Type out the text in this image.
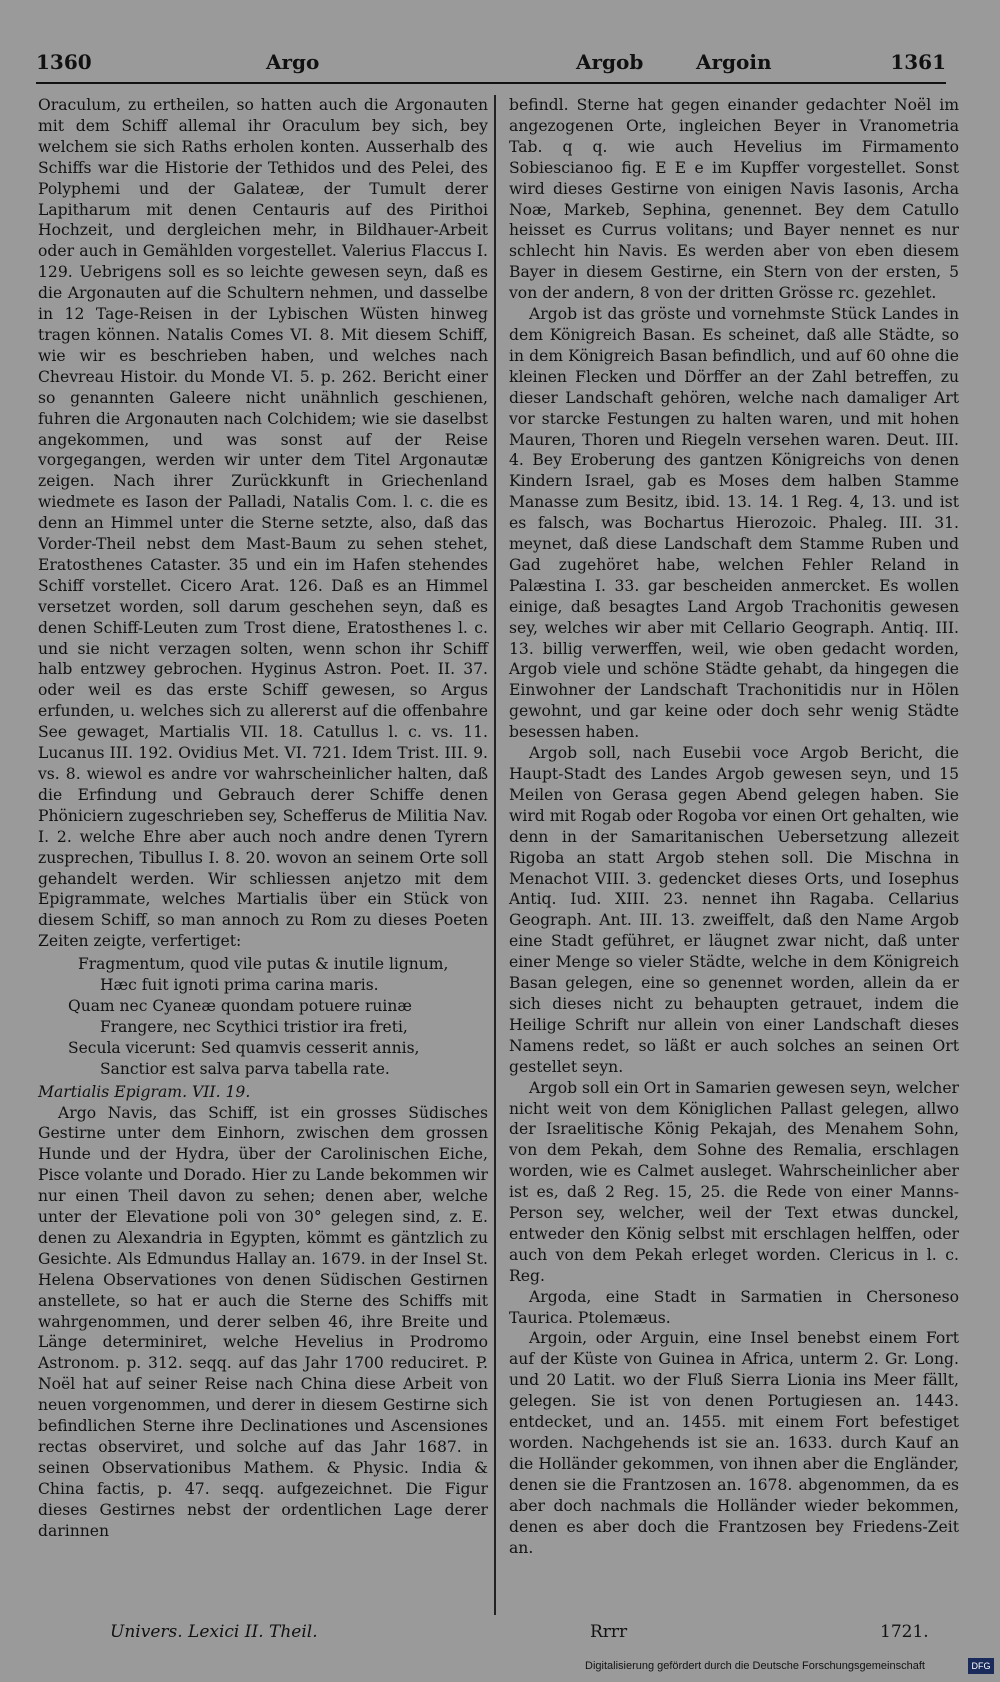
1360	Argo	Argob	Argoin	1361

Oraculum, zu ertheilen, so hatten auch die Argonauten mit dem Schiff allemal ihr Oraculum bey sich, bey welchem sie sich Raths erholen konten. Ausserhalb des Schiffs war die Historie der Tethidos und des Pelei, des Polyphemi und der Galateæ, der Tumult derer Lapitharum mit denen Centauris auf des Pirithoi Hochzeit, und dergleichen mehr, in Bildhauer-Arbeit oder auch in Gemählden vorgestellet. Valerius Flaccus I. 129. Uebrigens soll es so leichte gewesen seyn, daß es die Argonauten auf die Schultern nehmen, und dasselbe in 12 Tage-Reisen in der Lybischen Wüsten hinweg tragen können. Natalis Comes VI. 8. Mit diesem Schiff, wie wir es beschrieben haben, und welches nach Chevreau Histoir. du Monde VI. 5. p. 262. Bericht einer so genannten Galeere nicht unähnlich geschienen, fuhren die Argonauten nach Colchidem; wie sie daselbst angekommen, und was sonst auf der Reise vorgegangen, werden wir unter dem Titel Argonautæ zeigen. Nach ihrer Zurückkunft in Griechenland wiedmete es Iason der Palladi, Natalis Com. l. c. die es denn an Himmel unter die Sterne setzte, also, daß das Vorder-Theil nebst dem Mast-Baum zu sehen stehet, Eratosthenes Cataster. 35 und ein im Hafen stehendes Schiff vorstellet. Cicero Arat. 126. Daß es an Himmel versetzet worden, soll darum geschehen seyn, daß es denen Schiff-Leuten zum Trost diene, Eratosthenes l. c. und sie nicht verzagen solten, wenn schon ihr Schiff halb entzwey gebrochen. Hyginus Astron. Poet. II. 37. oder weil es das erste Schiff gewesen, so Argus erfunden, u. welches sich zu allererst auf die offenbahre See gewaget, Martialis VII. 18. Catullus l. c. vs. 11. Lucanus III. 192. Ovidius Met. VI. 721. Idem Trist. III. 9. vs. 8. wiewol es andre vor wahrscheinlicher halten, daß die Erfindung und Gebrauch derer Schiffe denen Phöniciern zugeschrieben sey, Schefferus de Militia Nav. I. 2. welche Ehre aber auch noch andre denen Tyrern zusprechen, Tibullus I. 8. 20. wovon an seinem Orte soll gehandelt werden. Wir schliessen anjetzo mit dem Epigrammate, welches Martialis über ein Stück von diesem Schiff, so man annoch zu Rom zu dieses Poeten Zeiten zeigte, verfertiget:

Fragmentum, quod vile putas & inutile lignum,
Hæc fuit ignoti prima carina maris.
Quam nec Cyaneæ quondam potuere ruinæ
Frangere, nec Scythici tristior ira freti,
Secula vicerunt: Sed quamvis cesserit annis,
Sanctior est salva parva tabella rate.

Martialis Epigram. VII. 19.

Argo Navis, das Schiff, ist ein grosses Südisches Gestirne unter dem Einhorn, zwischen dem grossen Hunde und der Hydra, über der Carolinischen Eiche, Pisce volante und Dorado. Hier zu Lande bekommen wir nur einen Theil davon zu sehen; denen aber, welche unter der Elevatione poli von 30° gelegen sind, z. E. denen zu Alexandria in Egypten, kömmt es gäntzlich zu Gesichte. Als Edmundus Hallay an. 1679. in der Insel St. Helena Observationes von denen Südischen Gestirnen anstellete, so hat er auch die Sterne des Schiffs mit wahrgenommen, und derer selben 46, ihre Breite und Länge determiniret, welche Hevelius in Prodromo Astronom. p. 312. seqq. auf das Jahr 1700 reduciret. P. Noël hat auf seiner Reise nach China diese Arbeit von neuen vorgenommen, und derer in diesem Gestirne sich befindlichen Sterne ihre Declinationes und Ascensiones rectas observiret, und solche auf das Jahr 1687. in seinen Observationibus Mathem. & Physic. India & China factis, p. 47. seqq. aufgezeichnet. Die Figur dieses Gestirnes nebst der ordentlichen Lage derer darinnen

befindl. Sterne hat gegen einander gedachter Noël im angezogenen Orte, ingleichen Beyer in Vranometria Tab. q q. wie auch Hevelius im Firmamento Sobiescianoo fig. E E e im Kupffer vorgestellet. Sonst wird dieses Gestirne von einigen Navis Iasonis, Archa Noæ, Markeb, Sephina, genennet. Bey dem Catullo heisset es Currus volitans; und Bayer nennet es nur schlecht hin Navis. Es werden aber von eben diesem Bayer in diesem Gestirne, ein Stern von der ersten, 5 von der andern, 8 von der dritten Grösse rc. gezehlet.

Argob ist das gröste und vornehmste Stück Landes in dem Königreich Basan. Es scheinet, daß alle Städte, so in dem Königreich Basan befindlich, und auf 60 ohne die kleinen Flecken und Dörffer an der Zahl betreffen, zu dieser Landschaft gehören, welche nach damaliger Art vor starcke Festungen zu halten waren, und mit hohen Mauren, Thoren und Riegeln versehen waren. Deut. III. 4. Bey Eroberung des gantzen Königreichs von denen Kindern Israel, gab es Moses dem halben Stamme Manasse zum Besitz, ibid. 13. 14. 1 Reg. 4, 13. und ist es falsch, was Bochartus Hierozoic. Phaleg. III. 31. meynet, daß diese Landschaft dem Stamme Ruben und Gad zugehöret habe, welchen Fehler Reland in Palæstina I. 33. gar bescheiden anmercket. Es wollen einige, daß besagtes Land Argob Trachonitis gewesen sey, welches wir aber mit Cellario Geograph. Antiq. III. 13. billig verwerffen, weil, wie oben gedacht worden, Argob viele und schöne Städte gehabt, da hingegen die Einwohner der Landschaft Trachonitidis nur in Hölen gewohnt, und gar keine oder doch sehr wenig Städte besessen haben.

Argob soll, nach Eusebii voce Argob Bericht, die Haupt-Stadt des Landes Argob gewesen seyn, und 15 Meilen von Gerasa gegen Abend gelegen haben. Sie wird mit Rogab oder Rogoba vor einen Ort gehalten, wie denn in der Samaritanischen Uebersetzung allezeit Rigoba an statt Argob stehen soll. Die Mischna in Menachot VIII. 3. gedencket dieses Orts, und Iosephus Antiq. Iud. XIII. 23. nennet ihn Ragaba. Cellarius Geograph. Ant. III. 13. zweiffelt, daß den Name Argob eine Stadt geführet, er läugnet zwar nicht, daß unter einer Menge so vieler Städte, welche in dem Königreich Basan gelegen, eine so genennet worden, allein da er sich dieses nicht zu behaupten getrauet, indem die Heilige Schrift nur allein von einer Landschaft dieses Namens redet, so läßt er auch solches an seinen Ort gestellet seyn.

Argob soll ein Ort in Samarien gewesen seyn, welcher nicht weit von dem Königlichen Pallast gelegen, allwo der Israelitische König Pekajah, des Menahem Sohn, von dem Pekah, dem Sohne des Remalia, erschlagen worden, wie es Calmet ausleget. Wahrscheinlicher aber ist es, daß 2 Reg. 15, 25. die Rede von einer Manns-Person sey, welcher, weil der Text etwas dunckel, entweder den König selbst mit erschlagen helffen, oder auch von dem Pekah erleget worden. Clericus in l. c. Reg.

Argoda, eine Stadt in Sarmatien in Chersoneso Taurica. Ptolemæus.

Argoin, oder Arguin, eine Insel benebst einem Fort auf der Küste von Guinea in Africa, unterm 2. Gr. Long. und 20 Latit. wo der Fluß Sierra Lionia ins Meer fällt, gelegen. Sie ist von denen Portugiesen an. 1443. entdecket, und an. 1455. mit einem Fort befestiget worden. Nachgehends ist sie an. 1633. durch Kauf an die Holländer gekommen, von ihnen aber die Engländer, denen sie die Frantzosen an. 1678. abgenommen, da es aber doch nachmals die Holländer wieder bekommen, denen es aber doch die Frantzosen bey Friedens-Zeit an.

Univers. Lexici II. Theil.	Rrrr	1721.
Digitalisierung gefördert durch die Deutsche Forschungsgemeinschaft	DFG
